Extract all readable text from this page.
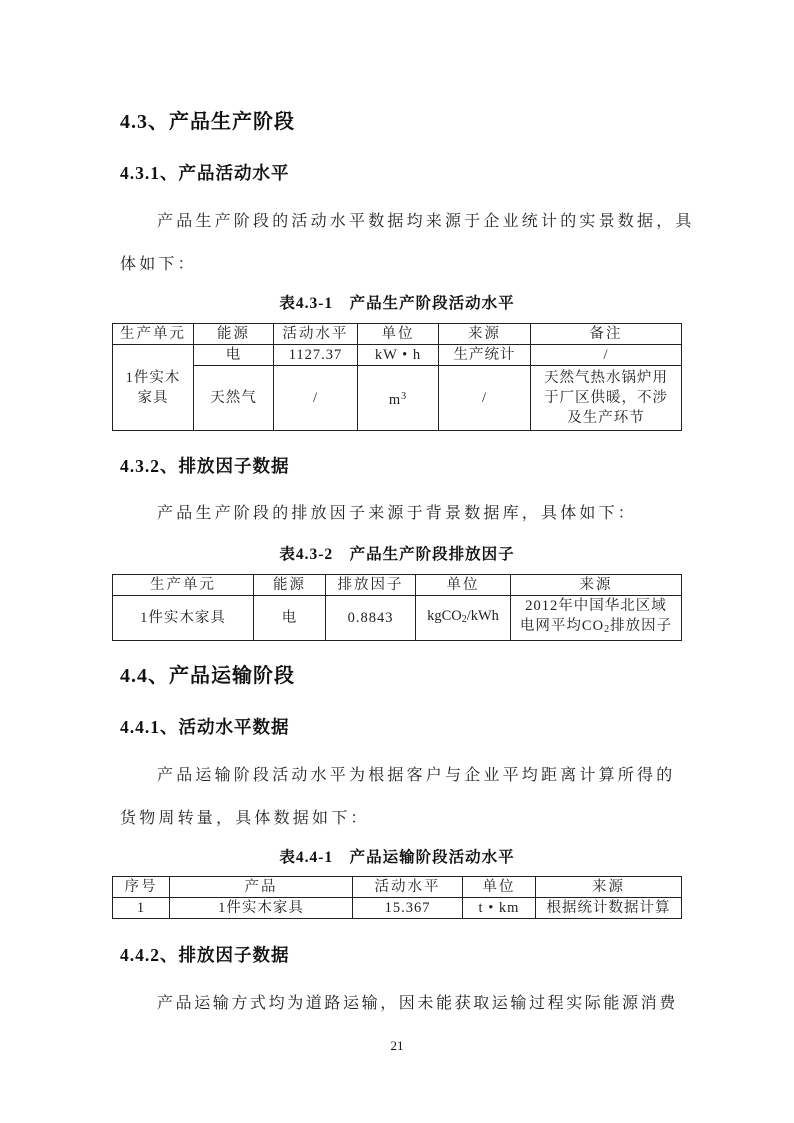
4.3、产品生产阶段
4.3.1、产品活动水平
产品生产阶段的活动水平数据均来源于企业统计的实景数据，具
体如下：
表4.3-1　产品生产阶段活动水平
生产单元	能源	活动水平	单位	来源	备注

1件实木
家具	电	1127.37	kW • h	生产统计	/
	天然气	/	$m^3$	/	天然气热水锅炉用
于厂区供暖，不涉
及生产环节
4.3.2、排放因子数据
产品生产阶段的排放因子来源于背景数据库，具体如下：
表4.3-2　产品生产阶段排放因子
生产单元	能源	排放因子	单位	来源
1件实木家具	电	0.8843	kgCO$_2$/kWh	2012年中国华北区域
电网平均$CO_2$排放因子
4.4、产品运输阶段
4.4.1、活动水平数据
产品运输阶段活动水平为根据客户与企业平均距离计算所得的
货物周转量，具体数据如下：
表4.4-1　产品运输阶段活动水平
序号	产品	活动水平	单位	来源
1	1件实木家具	15.367	t • km	根据统计数据计算
4.4.2、排放因子数据
产品运输方式均为道路运输，因未能获取运输过程实际能源消费
21
